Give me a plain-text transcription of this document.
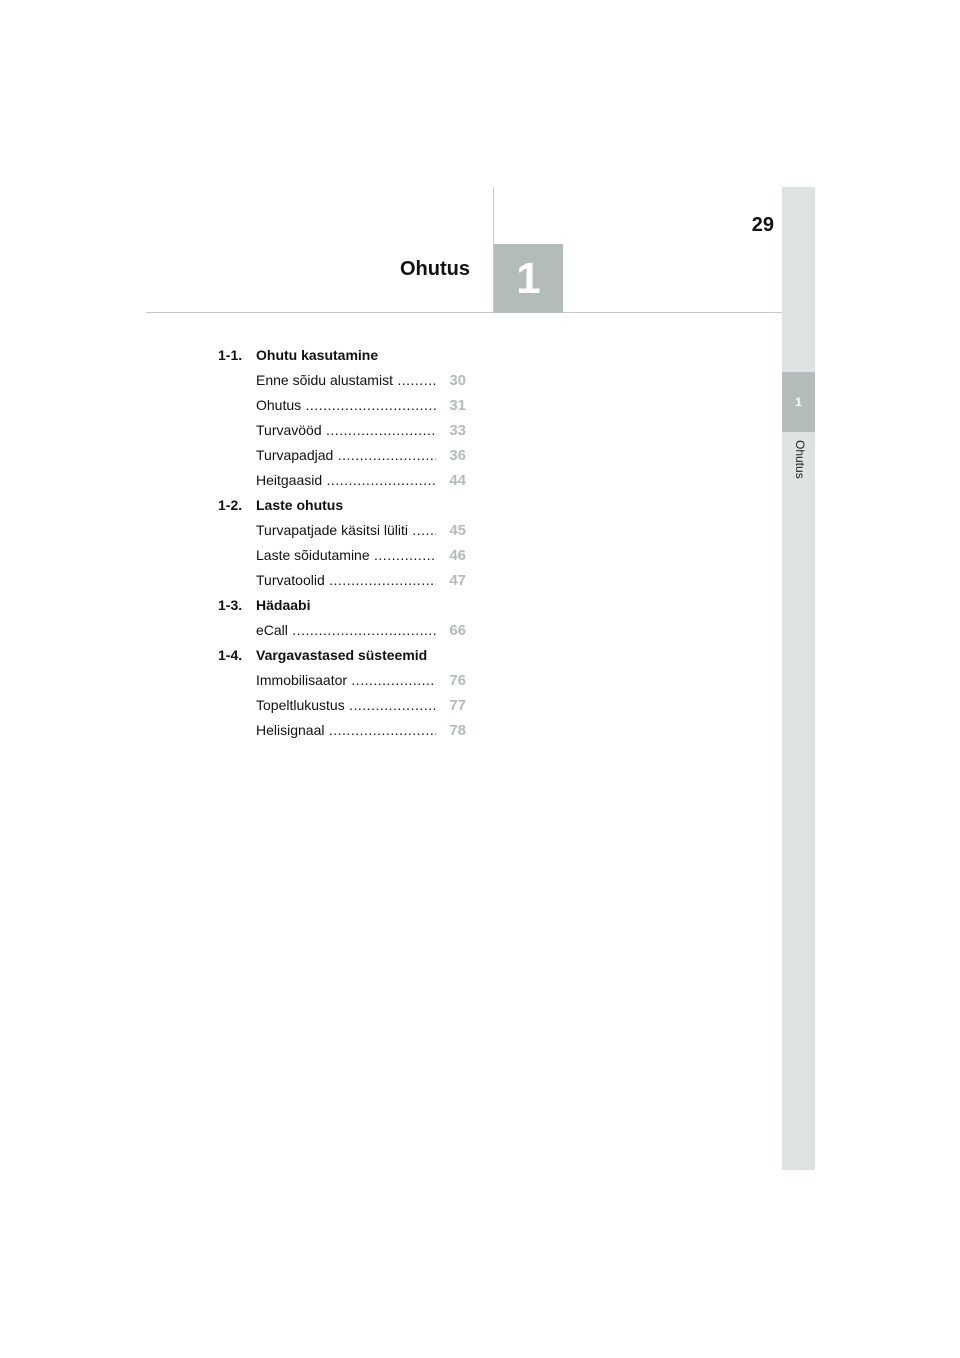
29
Ohutus 1
1
Ohutus
1-1. Ohutu kasutamine
Enne sõidu alustamist .....	30
Ohutus .....	31
Turvavööd .....	33
Turvapadjad .....	36
Heitgaasid .....	44
1-2. Laste ohutus
Turvapatjade käsitsi lüliti .....	45
Laste sõidutamine .....	46
Turvatoolid .....	47
1-3. Hädaabi
eCall .....	66
1-4. Vargavastased süsteemid
Immobilisaator .....	76
Topeltlukustus .....	77
Helisignaal .....	78
